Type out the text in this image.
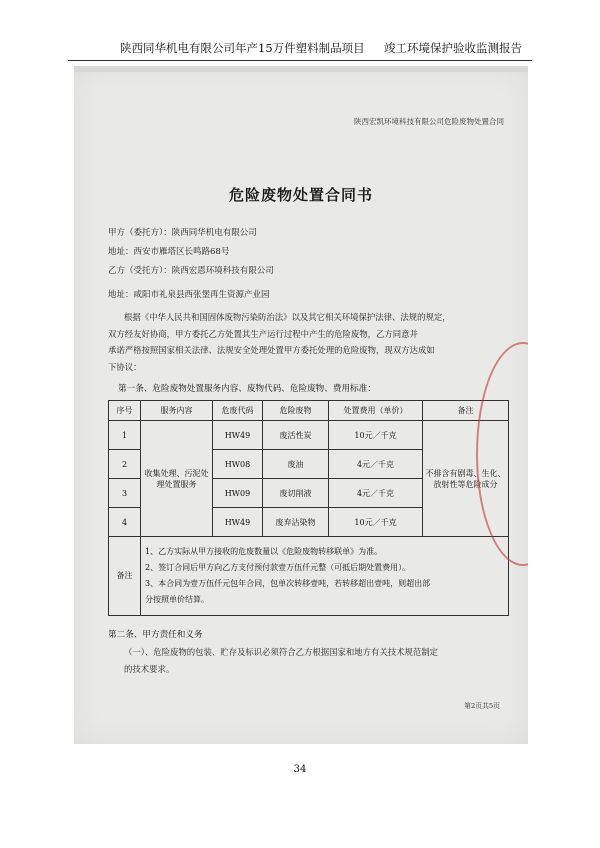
陕西同华机电有限公司年产15万件塑料制品项目 竣工环境保护验收监测报告
陕西宏凯环境科技有限公司危险废物处置合同
危险废物处置合同书
甲方（委托方）：陕西同华机电有限公司
地址：西安市雁塔区长鸣路68号
乙方（受托方）：陕西宏恩环境科技有限公司
地址：咸阳市礼泉县西张堡再生资源产业园
根据《中华人民共和国固体废物污染防治法》以及其它相关环境保护法律、法规的规定，
双方经友好协商，甲方委托乙方处置其生产运行过程中产生的危险废物，乙方同意并
承诺严格按照国家相关法律、法规安全处理处置甲方委托处理的危险废物，现双方达成如
下协议：
第一条、危险废物处置服务内容、废物代码、危险废物、费用标准：
序号	服务内容	危废代码	危险废物	处置费用（单价）	备注
1	收集处理、污泥处理处置服务	HW49	废活性炭	10元／千克	不排含有剧毒、生化、放射性等危险成分
2		HW08	废油	4元／千克	
3		HW09	废切削液	4元／千克	
4		HW49	废弃沾染物	10元／千克	
备注	1、乙方实际从甲方接收的危废数量以《危险废物转移联单》为准。
2、签订合同后甲方向乙方支付预付款壹万伍仟元整（可抵后期处置费用）。
3、本合同为壹万伍仟元包年合同，包单次转移壹吨，若转移超出壹吨，则超出部
分按照单价结算。				
第二条、甲方责任和义务
（一）、危险废物的包装、贮存及标识必须符合乙方根据国家和地方有关技术规范制定
的技术要求。
第2页共5页
34
